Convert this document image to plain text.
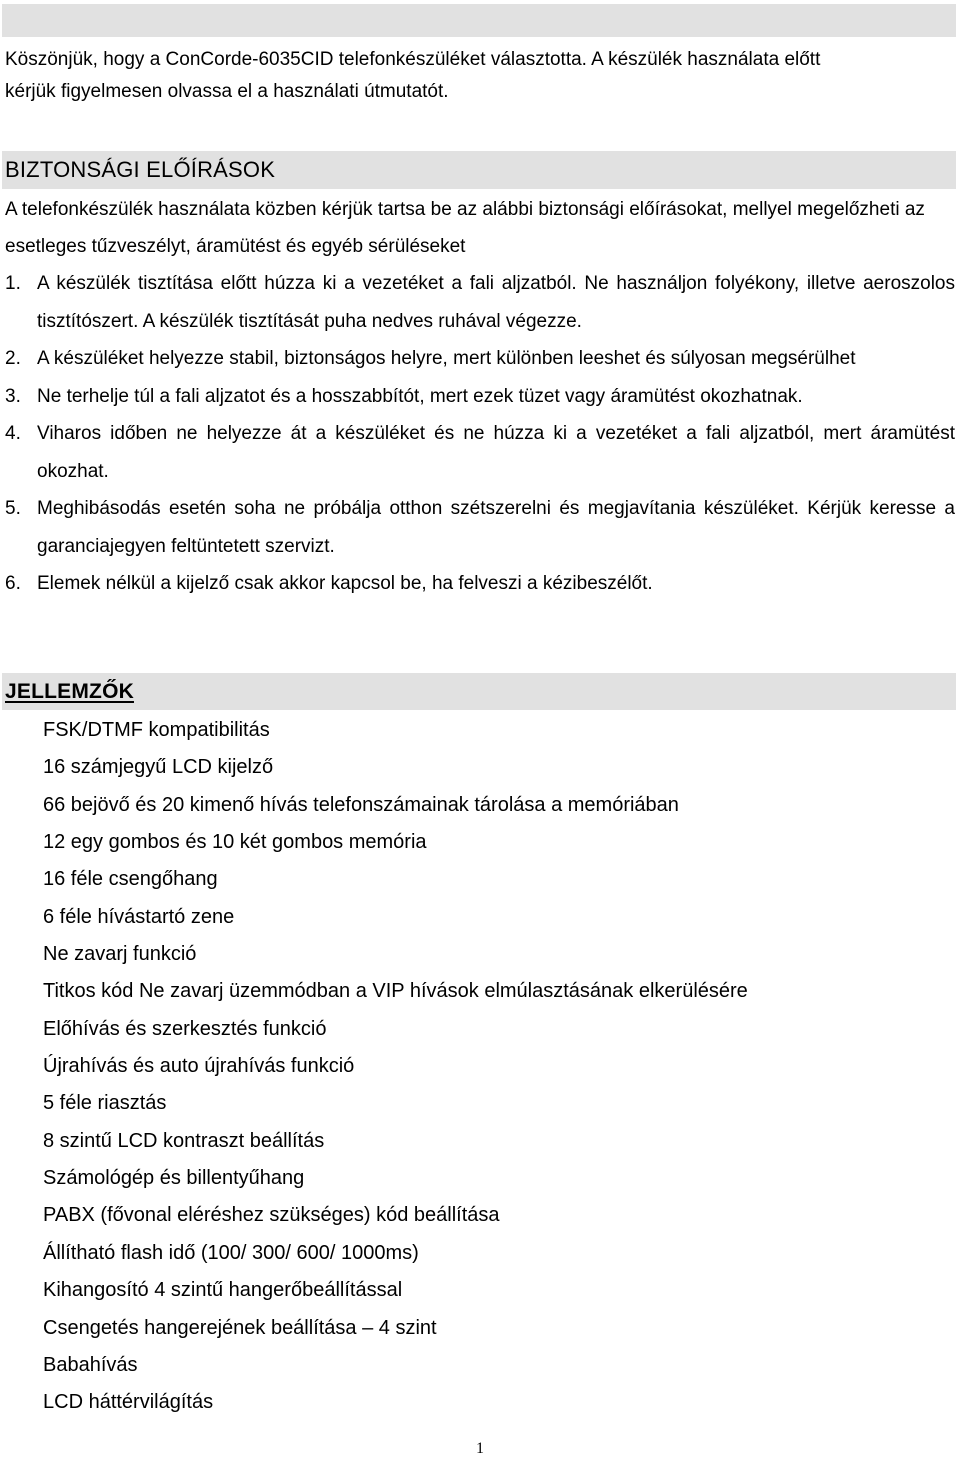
Köszönjük, hogy a ConCorde-6035CID telefonkészüléket választotta. A készülék használata előtt

kérjük figyelmesen olvassa el a használati útmutatót.

BIZTONSÁGI ELŐÍRÁSOK

A telefonkészülék használata közben kérjük tartsa be az alábbi biztonsági előírásokat, mellyel megelőzheti az esetleges tűzveszélyt, áramütést és egyéb sérüléseket

1. A készülék tisztítása előtt húzza ki a vezetéket a fali aljzatból. Ne használjon folyékony, illetve aeroszolos tisztítószert. A készülék tisztítását puha nedves ruhával végezze.
2. A készüléket helyezze stabil, biztonságos helyre, mert különben leeshet és súlyosan megsérülhet
3. Ne terhelje túl a fali aljzatot és a hosszabbítót, mert ezek tüzet vagy áramütést okozhatnak.
4. Viharos időben ne helyezze át a készüléket és ne húzza ki a vezetéket a fali aljzatból, mert áramütést okozhat.
5. Meghibásodás esetén soha ne próbálja otthon szétszerelni és megjavítania készüléket. Kérjük keresse a garanciajegyen feltüntetett szervizt.
6. Elemek nélkül a kijelző csak akkor kapcsol be, ha felveszi a kézibeszélőt.
JELLEMZŐK
FSK/DTMF kompatibilitás
16 számjegyű LCD kijelző
66 bejövő és 20 kimenő hívás telefonszámainak tárolása a memóriában
12 egy gombos és 10 két gombos memória
16 féle csengőhang
6 féle hívástartó zene
Ne zavarj funkció
Titkos kód Ne zavarj üzemmódban a VIP hívások elmúlasztásának elkerülésére
Előhívás és szerkesztés funkció
Újrahívás és auto újrahívás funkció
5 féle riasztás
8 szintű LCD kontraszt beállítás
Számológép és billentyűhang
PABX (fővonal eléréshez szükséges) kód beállítása
Állítható flash idő (100/ 300/ 600/ 1000ms)
Kihangosító 4 szintű hangerőbeállítással
Csengetés hangerejének beállítása – 4 szint
Babahívás
LCD háttérvilágítás
1
